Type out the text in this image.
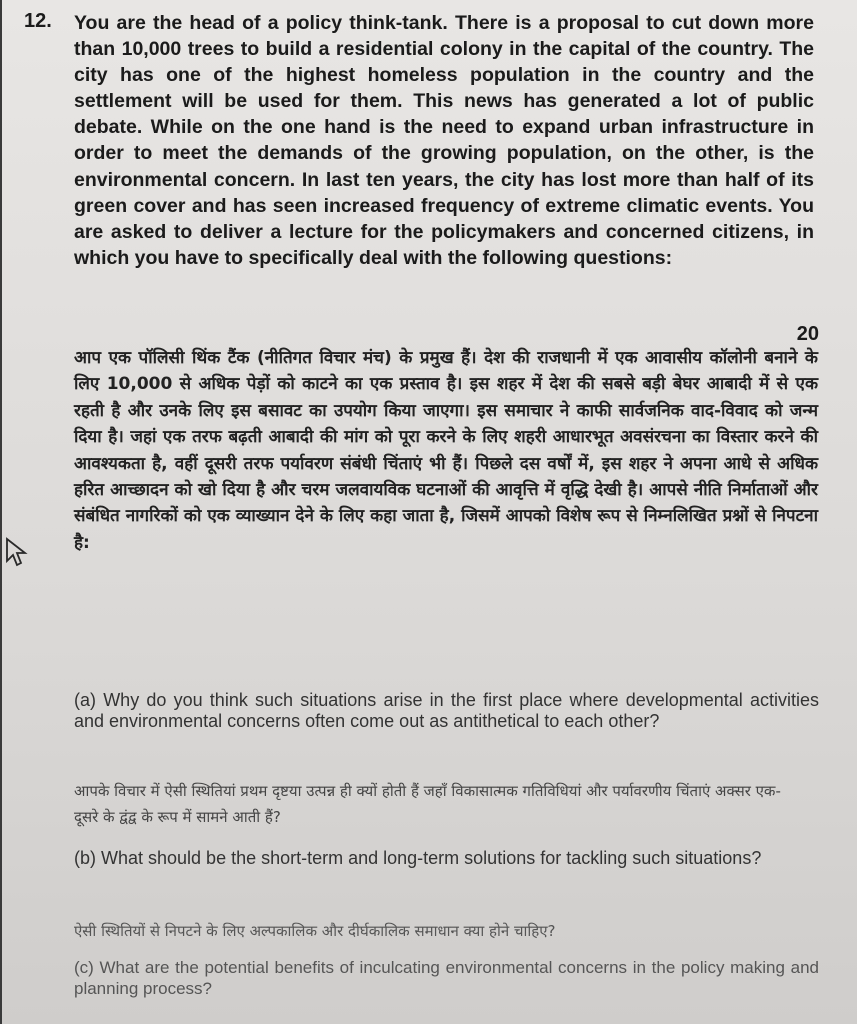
12. You are the head of a policy think-tank. There is a proposal to cut down more than 10,000 trees to build a residential colony in the capital of the country. The city has one of the highest homeless population in the country and the settlement will be used for them. This news has generated a lot of public debate. While on the one hand is the need to expand urban infrastructure in order to meet the demands of the growing population, on the other, is the environmental concern. In last ten years, the city has lost more than half of its green cover and has seen increased frequency of extreme climatic events. You are asked to deliver a lecture for the policymakers and concerned citizens, in which you have to specifically deal with the following questions:
20
आप एक पॉलिसी थिंक टैंक (नीतिगत विचार मंच) के प्रमुख हैं। देश की राजधानी में एक आवासीय कॉलोनी बनाने के लिए 10,000 से अधिक पेड़ों को काटने का एक प्रस्ताव है। इस शहर में देश की सबसे बड़ी बेघर आबादी में से एक रहती है और उनके लिए इस बसावट का उपयोग किया जाएगा। इस समाचार ने काफी सार्वजनिक वाद-विवाद को जन्म दिया है। जहां एक तरफ बढ़ती आबादी की मांग को पूरा करने के लिए शहरी आधारभूत अवसंरचना का विस्तार करने की आवश्यकता है, वहीं दूसरी तरफ पर्यावरण संबंधी चिंताएं भी हैं। पिछले दस वर्षों में, इस शहर ने अपना आधे से अधिक हरित आच्छादन को खो दिया है और चरम जलवायविक घटनाओं की आवृत्ति में वृद्धि देखी है। आपसे नीति निर्माताओं और संबंधित नागरिकों को एक व्याख्यान देने के लिए कहा जाता है, जिसमें आपको विशेष रूप से निम्नलिखित प्रश्नों से निपटना है:
(a) Why do you think such situations arise in the first place where developmental activities and environmental concerns often come out as antithetical to each other?
आपके विचार में ऐसी स्थितियां प्रथम दृष्टया उत्पन्न ही क्यों होती हैं जहाँ विकासात्मक गतिविधियां और पर्यावरणीय चिंताएं अक्सर एक-दूसरे के द्वंद्व के रूप में सामने आती हैं?
(b) What should be the short-term and long-term solutions for tackling such situations?
ऐसी स्थितियों से निपटने के लिए अल्पकालिक और दीर्घकालिक समाधान क्या होने चाहिए?
(c) What are the potential benefits of inculcating environmental concerns in the policy making and planning process?
